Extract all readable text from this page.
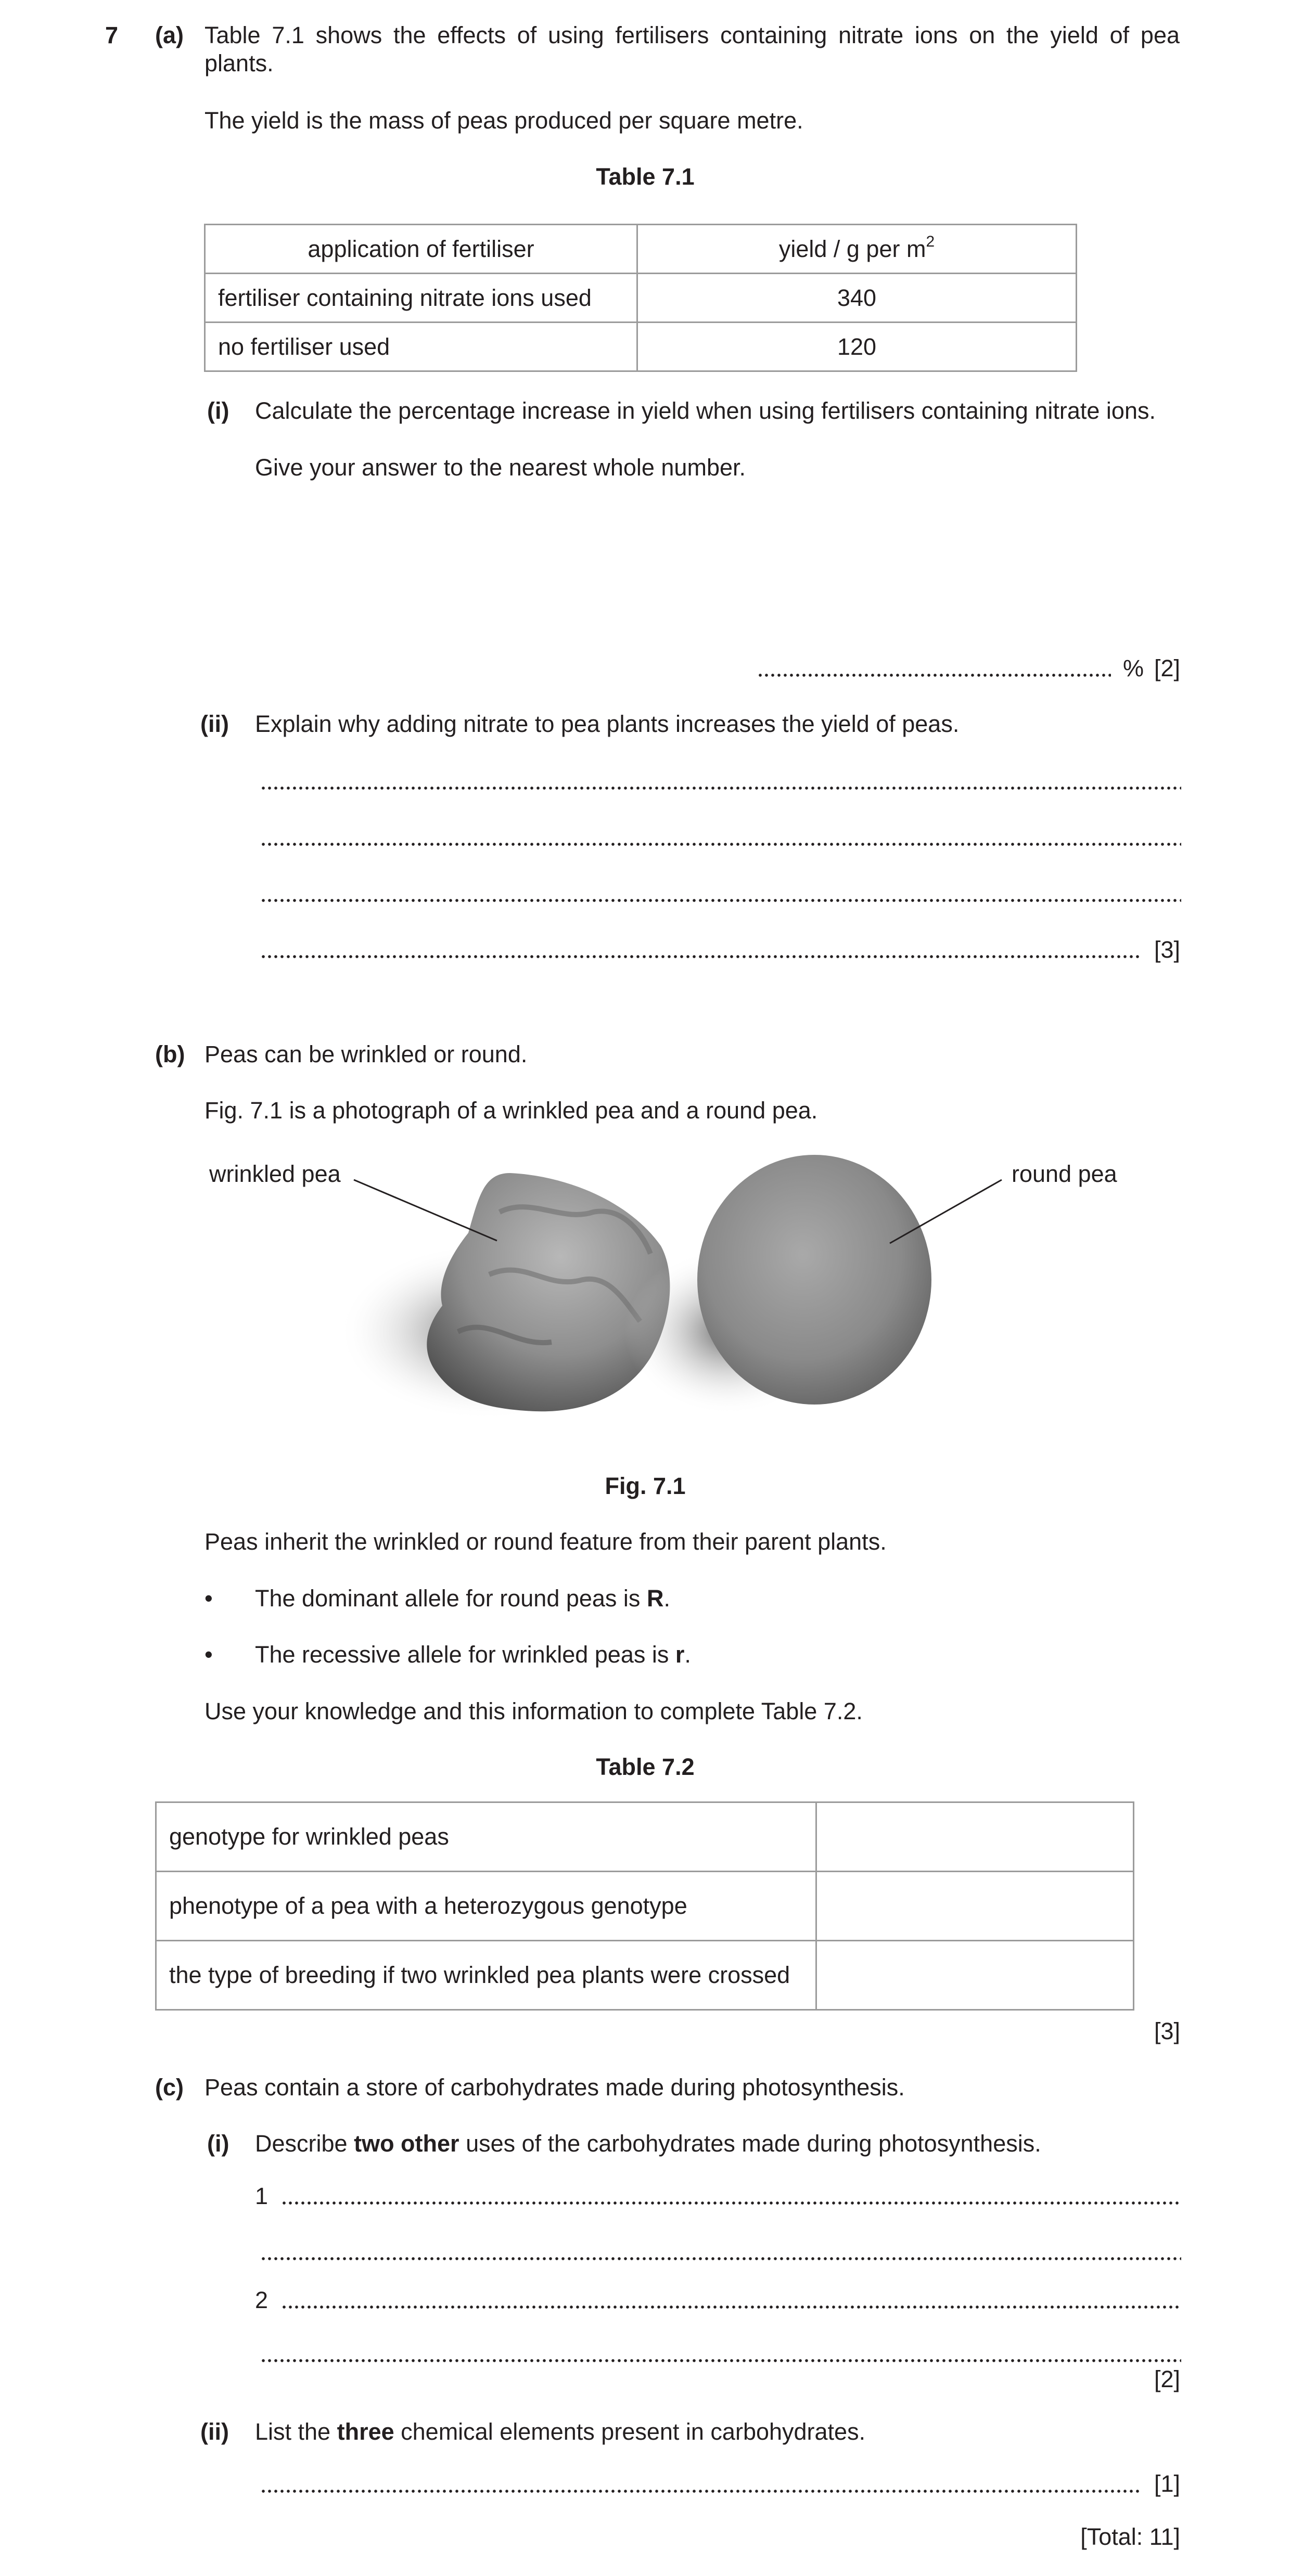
7 (a) Table 7.1 shows the effects of using fertilisers containing nitrate ions on the yield of pea
plants.
The yield is the mass of peas produced per square metre.
Table 7.1
application of fertiliser	yield / g per $m^2$
fertiliser containing nitrate ions used	340
no fertiliser used	120
(i) Calculate the percentage increase in yield when using fertilisers containing nitrate ions.
Give your answer to the nearest whole number.
% [2]
(ii) Explain why adding nitrate to pea plants increases the yield of peas.
[3]
(b) Peas can be wrinkled or round.
Fig. 7.1 is a photograph of a wrinkled pea and a round pea.
wrinkled pea	round pea
Fig. 7.1
Peas inherit the wrinkled or round feature from their parent plants.
• The dominant allele for round peas is R.
• The recessive allele for wrinkled peas is r.
Use your knowledge and this information to complete Table 7.2.
Table 7.2
genotype for wrinkled peas	
phenotype of a pea with a heterozygous genotype	
the type of breeding if two wrinkled pea plants were crossed	
[3]
(c) Peas contain a store of carbohydrates made during photosynthesis.
(i) Describe two other uses of the carbohydrates made during photosynthesis.
1
2
[2]
(ii) List the three chemical elements present in carbohydrates.
[1]
[Total: 11]
